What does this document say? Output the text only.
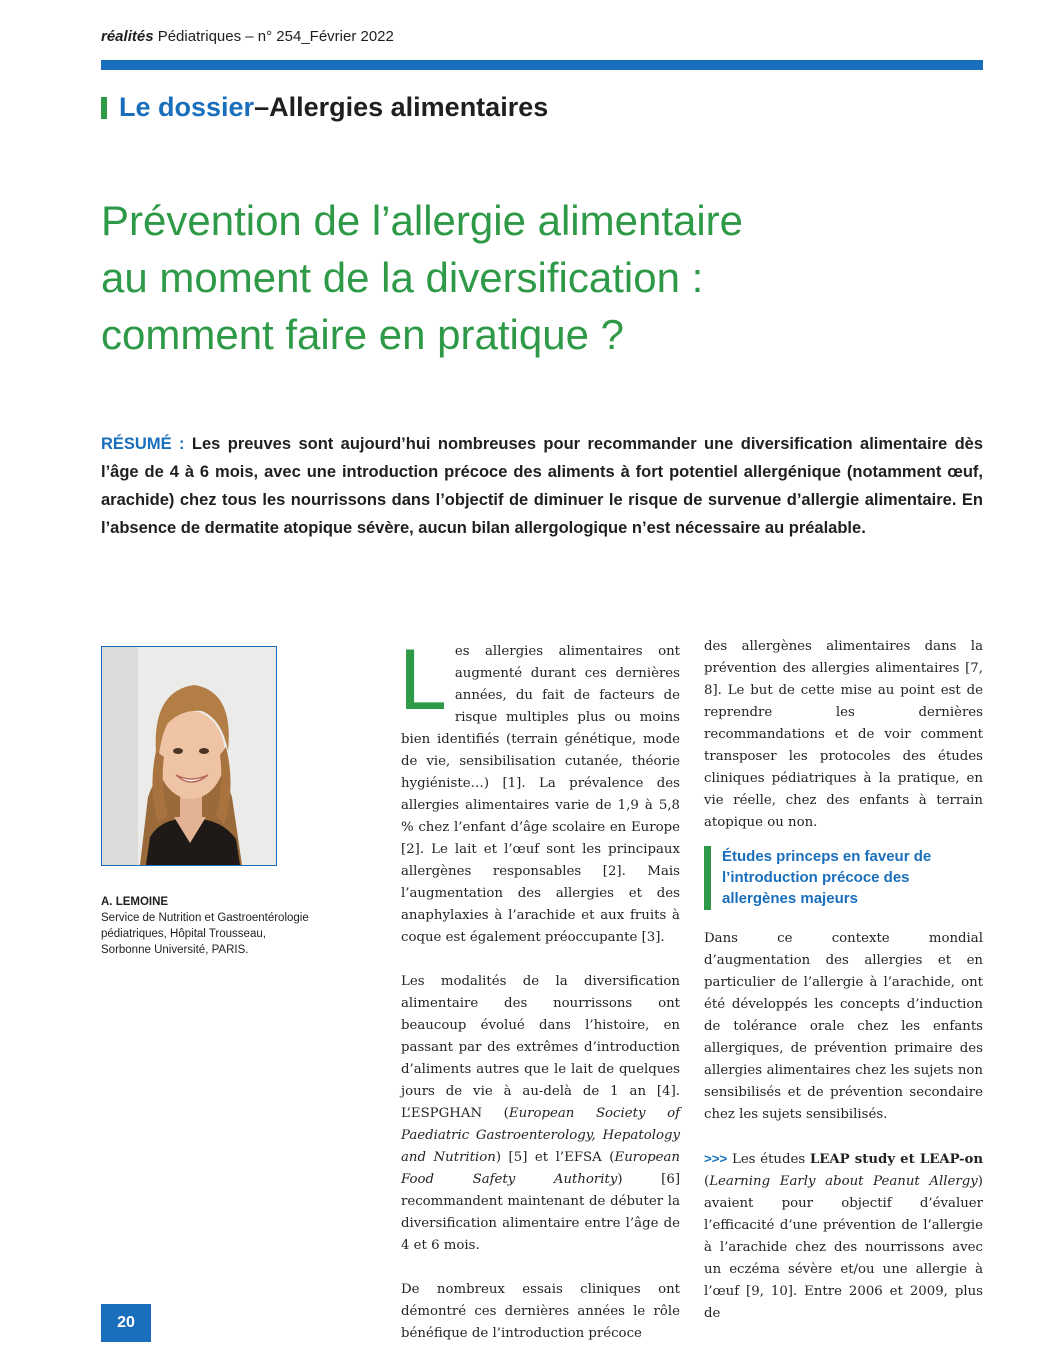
réalités Pédiatriques – n° 254_Février 2022
Le dossier – Allergies alimentaires
Prévention de l’allergie alimentaire
au moment de la diversification :
comment faire en pratique ?

RÉSUMÉ : Les preuves sont aujourd’hui nombreuses pour recommander une diversification alimentaire dès l’âge de 4 à 6 mois, avec une introduction précoce des aliments à fort potentiel allergénique (notamment œuf, arachide) chez tous les nourrissons dans l’objectif de diminuer le risque de survenue d’allergie alimentaire. En l’absence de dermatite atopique sévère, aucun bilan allergologique n’est nécessaire au préalable.

A. LEMOINE
Service de Nutrition et Gastroentérologie pédiatriques, Hôpital Trousseau,
Sorbonne Université, PARIS.

Les allergies alimentaires ont augmenté durant ces dernières années, du fait de facteurs de risque multiples plus ou moins bien identifiés (terrain génétique, mode de vie, sensibilisation cutanée, théorie hygiéniste…) [1]. La prévalence des allergies alimentaires varie de 1,9 à 5,8 % chez l’enfant d’âge scolaire en Europe [2]. Le lait et l’œuf sont les principaux allergènes responsables [2]. Mais l’augmentation des allergies et des anaphylaxies à l’arachide et aux fruits à coque est également préoccupante [3].

Les modalités de la diversification alimentaire des nourrissons ont beaucoup évolué dans l’histoire, en passant par des extrêmes d’introduction d’aliments autres que le lait de quelques jours de vie à au-delà de 1 an [4]. L’ESPGHAN (European Society of Paediatric Gastroenterology, Hepatology and Nutrition) [5] et l’EFSA (European Food Safety Authority) [6] recommandent maintenant de débuter la diversification alimentaire entre l’âge de 4 et 6 mois.

De nombreux essais cliniques ont démontré ces dernières années le rôle bénéfique de l’introduction précoce

des allergènes alimentaires dans la prévention des allergies alimentaires [7, 8]. Le but de cette mise au point est de reprendre les dernières recommandations et de voir comment transposer les protocoles des études cliniques pédiatriques à la pratique, en vie réelle, chez des enfants à terrain atopique ou non.

Études princeps en faveur de l’introduction précoce des allergènes majeurs

Dans ce contexte mondial d’augmentation des allergies et en particulier de l’allergie à l’arachide, ont été développés les concepts d’induction de tolérance orale chez les enfants allergiques, de prévention primaire des allergies alimentaires chez les sujets non sensibilisés et de prévention secondaire chez les sujets sensibilisés.

>>> Les études LEAP study et LEAP-on (Learning Early about Peanut Allergy) avaient pour objectif d’évaluer l’efficacité d’une prévention de l’allergie à l’arachide chez des nourrissons avec un eczéma sévère et/ou une allergie à l’œuf [9, 10]. Entre 2006 et 2009, plus de

20
